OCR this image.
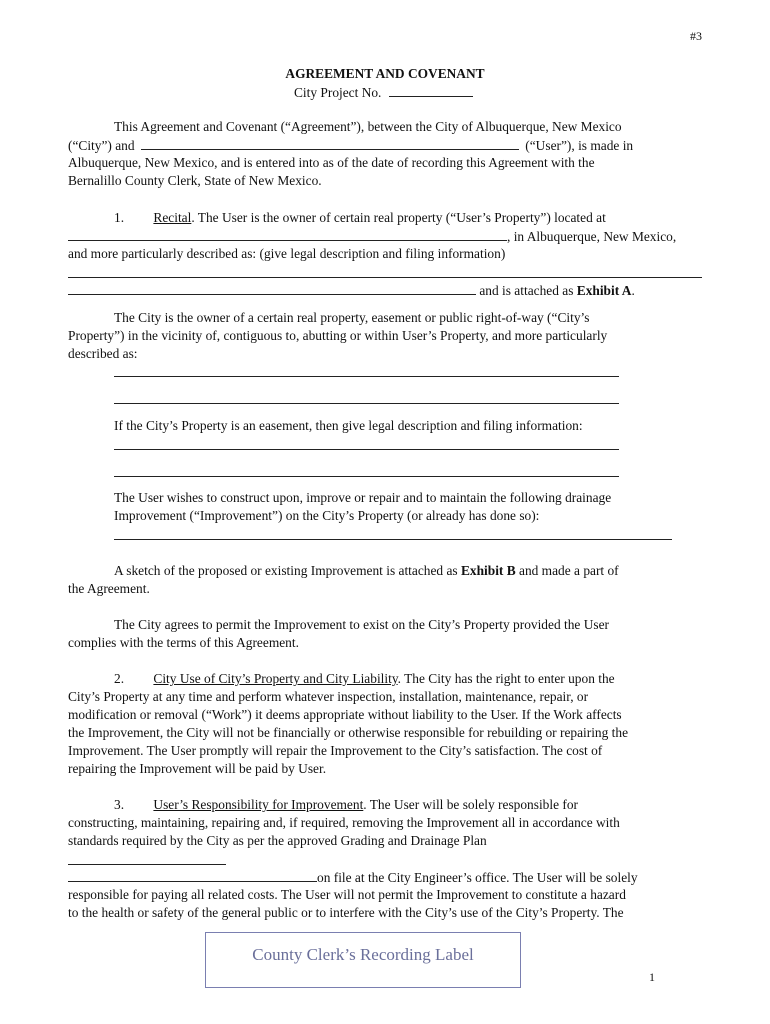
#3
AGREEMENT AND COVENANT
City Project No.
This Agreement and Covenant (“Agreement”), between the City of Albuquerque, New Mexico
(“City”) and	(“User”), is made in
Albuquerque, New Mexico, and is entered into as of the date of recording this Agreement with the
Bernalillo County Clerk, State of New Mexico.
1. Recital. The User is the owner of certain real property (“User’s Property”) located at
, in Albuquerque, New Mexico,
and more particularly described as: (give legal description and filing information)
and is attached as Exhibit A.
The City is the owner of a certain real property, easement or public right-of-way (“City’s
Property”) in the vicinity of, contiguous to, abutting or within User’s Property, and more particularly
described as:
If the City’s Property is an easement, then give legal description and filing information:
The User wishes to construct upon, improve or repair and to maintain the following drainage
Improvement (“Improvement”) on the City’s Property (or already has done so):
A sketch of the proposed or existing Improvement is attached as Exhibit B and made a part of
the Agreement.
The City agrees to permit the Improvement to exist on the City’s Property provided the User
complies with the terms of this Agreement.
2. City Use of City’s Property and City Liability. The City has the right to enter upon the
City’s Property at any time and perform whatever inspection, installation, maintenance, repair, or
modification or removal (“Work”) it deems appropriate without liability to the User. If the Work affects
the Improvement, the City will not be financially or otherwise responsible for rebuilding or repairing the
Improvement. The User promptly will repair the Improvement to the City’s satisfaction. The cost of
repairing the Improvement will be paid by User.
3. User’s Responsibility for Improvement. The User will be solely responsible for
constructing, maintaining, repairing and, if required, removing the Improvement all in accordance with
standards required by the City as per the approved Grading and Drainage Plan
on file at the City Engineer’s office. The User will be solely
responsible for paying all related costs. The User will not permit the Improvement to constitute a hazard
to the health or safety of the general public or to interfere with the City’s use of the City’s Property. The
County Clerk’s Recording Label
1
